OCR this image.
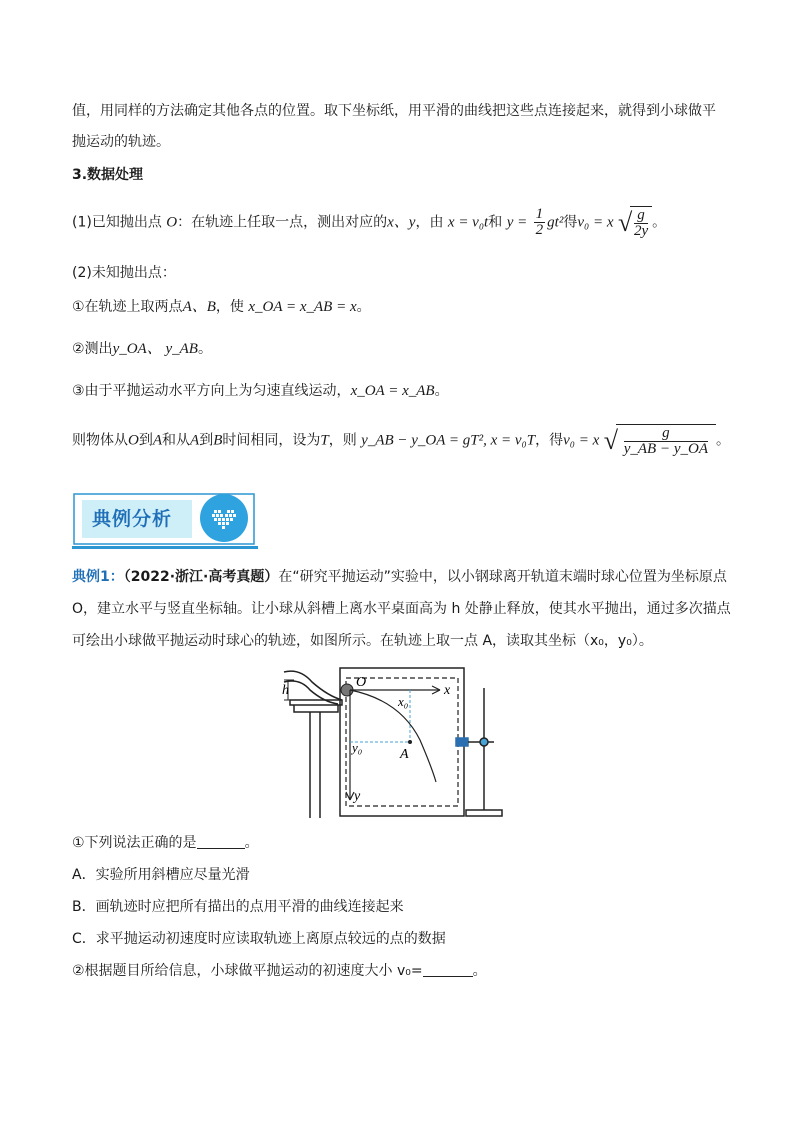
值，用同样的方法确定其他各点的位置。取下坐标纸，用平滑的曲线把这些点连接起来，就得到小球做平
抛运动的轨迹。
3.数据处理
(1)已知抛出点 O：在轨迹上任取一点，测出对应的x、y，由 x = v₀t和 $y = \frac{1}{2} gt^2$得v₀ = x √ $\frac{g}{2y}$ 。
(2)未知抛出点：
①在轨迹上取两点A、B，使 x_OA = x_AB = x。
②测出y_OA、 y_AB。
③由于平抛运动水平方向上为匀速直线运动，x_OA = x_AB。
则物体从O到A和从A到B时间相同，设为T，则 y_AB − y_OA = gT², x = v₀T，得v₀ = x √ $\frac{g}{y\_AB - y\_OA}$ 。
典例分析
典例1：（2022·浙江·高考真题）在“研究平抛运动”实验中，以小钢球离开轨道末端时球心位置为坐标原点
O，建立水平与竖直坐标轴。让小球从斜槽上离水平桌面高为 h 处静止释放，使其水平抛出，通过多次描点
可绘出小球做平抛运动时球心的轨迹，如图所示。在轨迹上取一点 A，读取其坐标（x₀，y₀）。
h
O
x
x₀
y₀	A
y
①下列说法正确的是	。
A．实验所用斜槽应尽量光滑
B．画轨迹时应把所有描出的点用平滑的曲线连接起来
C．求平抛运动初速度时应读取轨迹上离原点较远的点的数据
②根据题目所给信息，小球做平抛运动的初速度大小 v₀=	。
